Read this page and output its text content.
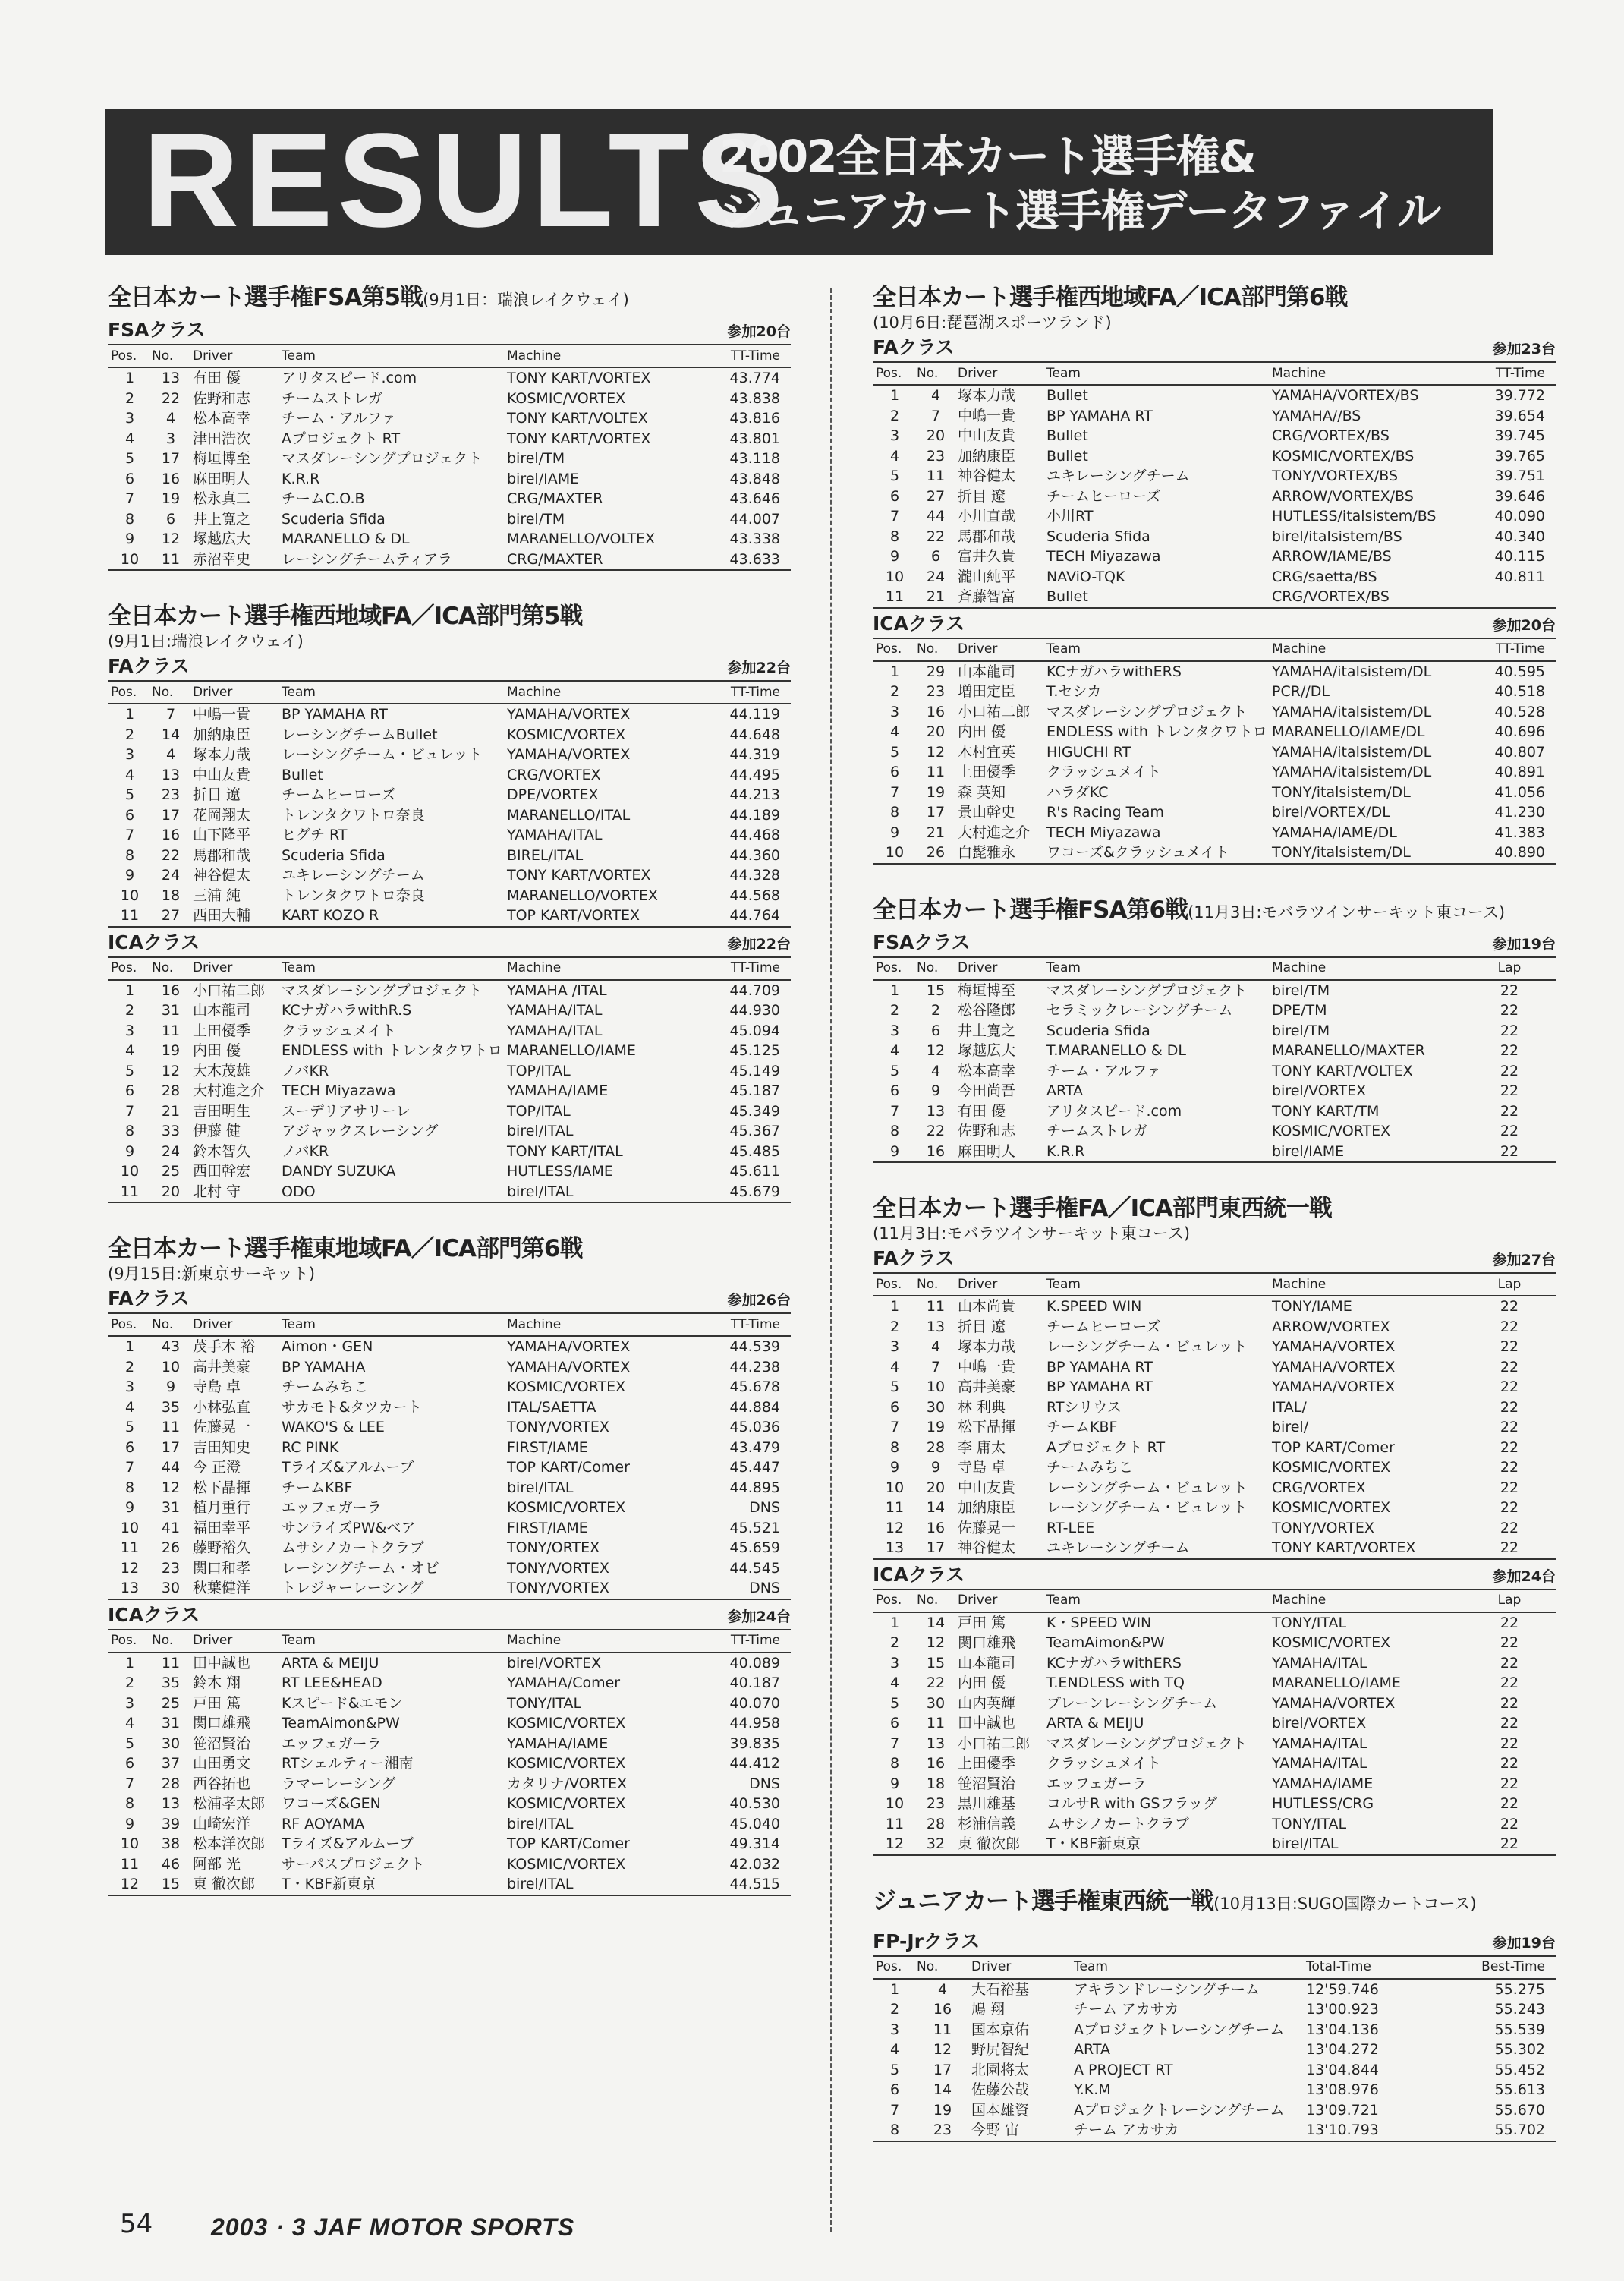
RESULTS
2002全日本カート選手権&
ジュニアカート選手権データファイル
全日本カート選手権FSA第5戦(9月1日：瑞浪レイクウェイ)
FSAクラス	参加20台
Pos.	No.	Driver	Team	Machine	TT-Time
1	13	有田 優	アリタスピード.com	TONY KART/VORTEX	43.774
2	22	佐野和志	チームストレガ	KOSMIC/VORTEX	43.838
3	4	松本高幸	チーム・アルファ	TONY KART/VOLTEX	43.816
4	3	津田浩次	Aプロジェクト RT	TONY KART/VORTEX	43.801
5	17	梅垣博至	マスダレーシングプロジェクト	birel/TM	43.118
6	16	麻田明人	K.R.R	birel/IAME	43.848
7	19	松永真二	チームC.O.B	CRG/MAXTER	43.646
8	6	井上寛之	Scuderia Sfida	birel/TM	44.007
9	12	塚越広大	MARANELLO & DL	MARANELLO/VOLTEX	43.338
10	11	赤沼幸史	レーシングチームティアラ	CRG/MAXTER	43.633
全日本カート選手権西地域FA／ICA部門第5戦
(9月1日:瑞浪レイクウェイ)
FAクラス	参加22台
Pos.	No.	Driver	Team	Machine	TT-Time
1	7	中嶋一貴	BP YAMAHA RT	YAMAHA/VORTEX	44.119
2	14	加納康臣	レーシングチームBullet	KOSMIC/VORTEX	44.648
3	4	塚本力哉	レーシングチーム・ビュレット	YAMAHA/VORTEX	44.319
4	13	中山友貴	Bullet	CRG/VORTEX	44.495
5	23	折目 遼	チームヒーローズ	DPE/VORTEX	44.213
6	17	花岡翔太	トレンタクワトロ奈良	MARANELLO/ITAL	44.189
7	16	山下隆平	ヒグチ RT	YAMAHA/ITAL	44.468
8	22	馬郡和哉	Scuderia Sfida	BIREL/ITAL	44.360
9	24	神谷健太	ユキレーシングチーム	TONY KART/VORTEX	44.328
10	18	三浦 純	トレンタクワトロ奈良	MARANELLO/VORTEX	44.568
11	27	西田大輔	KART KOZO R	TOP KART/VORTEX	44.764
ICAクラス	参加22台
Pos.	No.	Driver	Team	Machine	TT-Time
1	16	小口祐二郎	マスダレーシングプロジェクト	YAMAHA /ITAL	44.709
2	31	山本龍司	KCナガハラwithR.S	YAMAHA/ITAL	44.930
3	11	上田優季	クラッシュメイト	YAMAHA/ITAL	45.094
4	19	内田 優	ENDLESS with トレンタクワトロ	MARANELLO/IAME	45.125
5	12	大木茂雄	ノバKR	TOP/ITAL	45.149
6	28	大村進之介	TECH Miyazawa	YAMAHA/IAME	45.187
7	21	吉田明生	スーデリアサリーレ	TOP/ITAL	45.349
8	33	伊藤 健	アジャックスレーシング	birel/ITAL	45.367
9	24	鈴木智久	ノバKR	TONY KART/ITAL	45.485
10	25	西田幹宏	DANDY SUZUKA	HUTLESS/IAME	45.611
11	20	北村 守	ODO	birel/ITAL	45.679
全日本カート選手権東地域FA／ICA部門第6戦
(9月15日:新東京サーキット)
FAクラス	参加26台
Pos.	No.	Driver	Team	Machine	TT-Time
1	43	茂手木 裕	Aimon・GEN	YAMAHA/VORTEX	44.539
2	10	高井美豪	BP YAMAHA	YAMAHA/VORTEX	44.238
3	9	寺島 卓	チームみちこ	KOSMIC/VORTEX	45.678
4	35	小林弘直	サカモト&タツカート	ITAL/SAETTA	44.884
5	11	佐藤晃一	WAKO'S & LEE	TONY/VORTEX	45.036
6	17	吉田知史	RC PINK	FIRST/IAME	43.479
7	44	今 正澄	Tライズ&アルムーブ	TOP KART/Comer	45.447
8	12	松下晶揮	チームKBF	birel/ITAL	44.895
9	31	植月重行	エッフェガーラ	KOSMIC/VORTEX	DNS
10	41	福田幸平	サンライズPW&ベア	FIRST/IAME	45.521
11	26	藤野裕久	ムサシノカートクラブ	TONY/ORTEX	45.659
12	23	関口和孝	レーシングチーム・オビ	TONY/VORTEX	44.545
13	30	秋葉健洋	トレジャーレーシング	TONY/VORTEX	DNS
ICAクラス	参加24台
Pos.	No.	Driver	Team	Machine	TT-Time
1	11	田中誠也	ARTA & MEIJU	birel/VORTEX	40.089
2	35	鈴木 翔	RT LEE&HEAD	YAMAHA/Comer	40.187
3	25	戸田 篤	Kスピード&エモン	TONY/ITAL	40.070
4	31	関口雄飛	TeamAimon&PW	KOSMIC/VORTEX	44.958
5	30	笹沼賢治	エッフェガーラ	YAMAHA/IAME	39.835
6	37	山田勇文	RTシェルティー湘南	KOSMIC/VORTEX	44.412
7	28	西谷拓也	ラマーレーシング	カタリナ/VORTEX	DNS
8	13	松浦孝太郎	ワコーズ&GEN	KOSMIC/VORTEX	40.530
9	39	山崎宏洋	RF AOYAMA	birel/ITAL	45.040
10	38	松本洋次郎	Tライズ&アルムーブ	TOP KART/Comer	49.314
11	46	阿部 光	サーパスプロジェクト	KOSMIC/VORTEX	42.032
12	15	東 徹次郎	T・KBF新東京	birel/ITAL	44.515
全日本カート選手権西地域FA／ICA部門第6戦
(10月6日:琵琶湖スポーツランド)
FAクラス	参加23台
Pos.	No.	Driver	Team	Machine	TT-Time
1	4	塚本力哉	Bullet	YAMAHA/VORTEX/BS	39.772
2	7	中嶋一貴	BP YAMAHA RT	YAMAHA//BS	39.654
3	20	中山友貴	Bullet	CRG/VORTEX/BS	39.745
4	23	加納康臣	Bullet	KOSMIC/VORTEX/BS	39.765
5	11	神谷健太	ユキレーシングチーム	TONY/VORTEX/BS	39.751
6	27	折目 遼	チームヒーローズ	ARROW/VORTEX/BS	39.646
7	44	小川直哉	小川RT	HUTLESS/italsistem/BS	40.090
8	22	馬郡和哉	Scuderia Sfida	birel/italsistem/BS	40.340
9	6	富井久貴	TECH Miyazawa	ARROW/IAME/BS	40.115
10	24	瀧山純平	NAViO-TQK	CRG/saetta/BS	40.811
11	21	斉藤智富	Bullet	CRG/VORTEX/BS	
ICAクラス	参加20台
Pos.	No.	Driver	Team	Machine	TT-Time
1	29	山本龍司	KCナガハラwithERS	YAMAHA/italsistem/DL	40.595
2	23	増田定臣	T.セシカ	PCR//DL	40.518
3	16	小口祐二郎	マスダレーシングプロジェクト	YAMAHA/italsistem/DL	40.528
4	20	内田 優	ENDLESS with トレンタクワトロ	MARANELLO/IAME/DL	40.696
5	12	木村宜英	HIGUCHI RT	YAMAHA/italsistem/DL	40.807
6	11	上田優季	クラッシュメイト	YAMAHA/italsistem/DL	40.891
7	19	森 英知	ハラダKC	TONY/italsistem/DL	41.056
8	17	景山幹史	R's Racing Team	birel/VORTEX/DL	41.230
9	21	大村進之介	TECH Miyazawa	YAMAHA/IAME/DL	41.383
10	26	白髭雅永	ワコーズ&クラッシュメイト	TONY/italsistem/DL	40.890
全日本カート選手権FSA第6戦(11月3日:モバラツインサーキット東コース)
FSAクラス	参加19台
Pos.	No.	Driver	Team	Machine	Lap
1	15	梅垣博至	マスダレーシングプロジェクト	birel/TM	22
2	2	松谷隆郎	セラミックレーシングチーム	DPE/TM	22
3	6	井上寛之	Scuderia Sfida	birel/TM	22
4	12	塚越広大	T.MARANELLO & DL	MARANELLO/MAXTER	22
5	4	松本高幸	チーム・アルファ	TONY KART/VOLTEX	22
6	9	今田尚吾	ARTA	birel/VORTEX	22
7	13	有田 優	アリタスピード.com	TONY KART/TM	22
8	22	佐野和志	チームストレガ	KOSMIC/VORTEX	22
9	16	麻田明人	K.R.R	birel/IAME	22
全日本カート選手権FA／ICA部門東西統一戦
(11月3日:モバラツインサーキット東コース)
FAクラス	参加27台
Pos.	No.	Driver	Team	Machine	Lap
1	11	山本尚貴	K.SPEED WIN	TONY/IAME	22
2	13	折目 遼	チームヒーローズ	ARROW/VORTEX	22
3	4	塚本力哉	レーシングチーム・ビュレット	YAMAHA/VORTEX	22
4	7	中嶋一貴	BP YAMAHA RT	YAMAHA/VORTEX	22
5	10	高井美豪	BP YAMAHA RT	YAMAHA/VORTEX	22
6	30	林 利典	RTシリウス	ITAL/	22
7	19	松下晶揮	チームKBF	birel/	22
8	28	李 庸太	Aプロジェクト RT	TOP KART/Comer	22
9	9	寺島 卓	チームみちこ	KOSMIC/VORTEX	22
10	20	中山友貴	レーシングチーム・ビュレット	CRG/VORTEX	22
11	14	加納康臣	レーシングチーム・ビュレット	KOSMIC/VORTEX	22
12	16	佐藤晃一	RT-LEE	TONY/VORTEX	22
13	17	神谷健太	ユキレーシングチーム	TONY KART/VORTEX	22
ICAクラス	参加24台
Pos.	No.	Driver	Team	Machine	Lap
1	14	戸田 篤	K・SPEED WIN	TONY/ITAL	22
2	12	関口雄飛	TeamAimon&PW	KOSMIC/VORTEX	22
3	15	山本龍司	KCナガハラwithERS	YAMAHA/ITAL	22
4	22	内田 優	T.ENDLESS with TQ	MARANELLO/IAME	22
5	30	山内英輝	ブレーンレーシングチーム	YAMAHA/VORTEX	22
6	11	田中誠也	ARTA & MEIJU	birel/VORTEX	22
7	13	小口祐二郎	マスダレーシングプロジェクト	YAMAHA/ITAL	22
8	16	上田優季	クラッシュメイト	YAMAHA/ITAL	22
9	18	笹沼賢治	エッフェガーラ	YAMAHA/IAME	22
10	23	黒川雄基	コルサR with GSフラッグ	HUTLESS/CRG	22
11	28	杉浦信義	ムサシノカートクラブ	TONY/ITAL	22
12	32	東 徹次郎	T・KBF新東京	birel/ITAL	22
ジュニアカート選手権東西統一戦(10月13日:SUGO国際カートコース)
FP-Jrクラス	参加19台
Pos.	No.	Driver	Team	Total-Time	Best-Time
1	4	大石裕基	アキランドレーシングチーム	12'59.746	55.275
2	16	鳩 翔	チーム アカサカ	13'00.923	55.243
3	11	国本京佑	Aプロジェクトレーシングチーム	13'04.136	55.539
4	12	野尻智紀	ARTA	13'04.272	55.302
5	17	北園将太	A PROJECT RT	13'04.844	55.452
6	14	佐藤公哉	Y.K.M	13'08.976	55.613
7	19	国本雄資	Aプロジェクトレーシングチーム	13'09.721	55.670
8	23	今野 宙	チーム アカサカ	13'10.793	55.702
54 2003 · 3 JAF MOTOR SPORTS
